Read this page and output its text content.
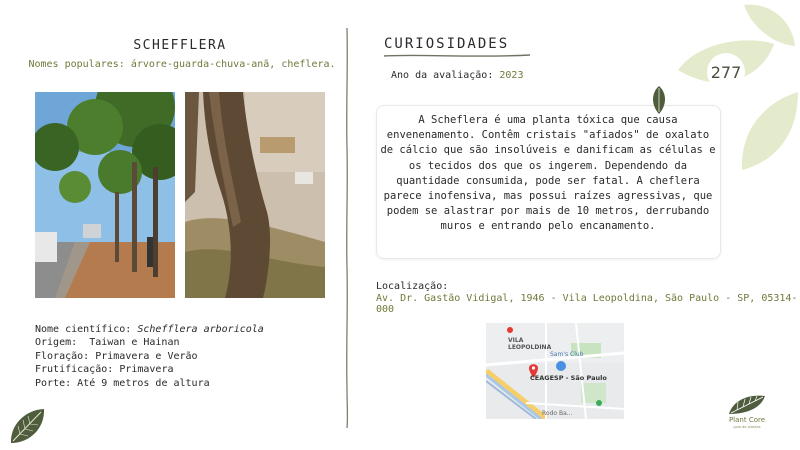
277
SCHEFFLERA
Nomes populares: árvore-guarda-chuva-anã, cheflera.
Nome científico: Schefflera arboricola
Origem: Taiwan e Hainan
Floração: Primavera e Verão
Frutificação: Primavera
Porte: Até 9 metros de altura
CURIOSIDADES
Ano da avaliação: 2023
A Scheflera é uma planta tóxica que causa envenenamento. Contêm cristais "afiados" de oxalato de cálcio que são insolúveis e danificam as células e os tecidos dos que os ingerem. Dependendo da quantidade consumida, pode ser fatal. A cheflera parece inofensiva, mas possui raízes agressivas, que podem se alastrar por mais de 10 metros, derrubando muros e entrando pelo encanamento.
Localização:
Av. Dr. Gastão Vidigal, 1946 - Vila Leopoldina, São Paulo - SP, 05314-000
VILA LEOPOLDINA
Sam's Club
CEAGESP - São Paulo
Rodo Ba...
Plant Core
guia de plantas
